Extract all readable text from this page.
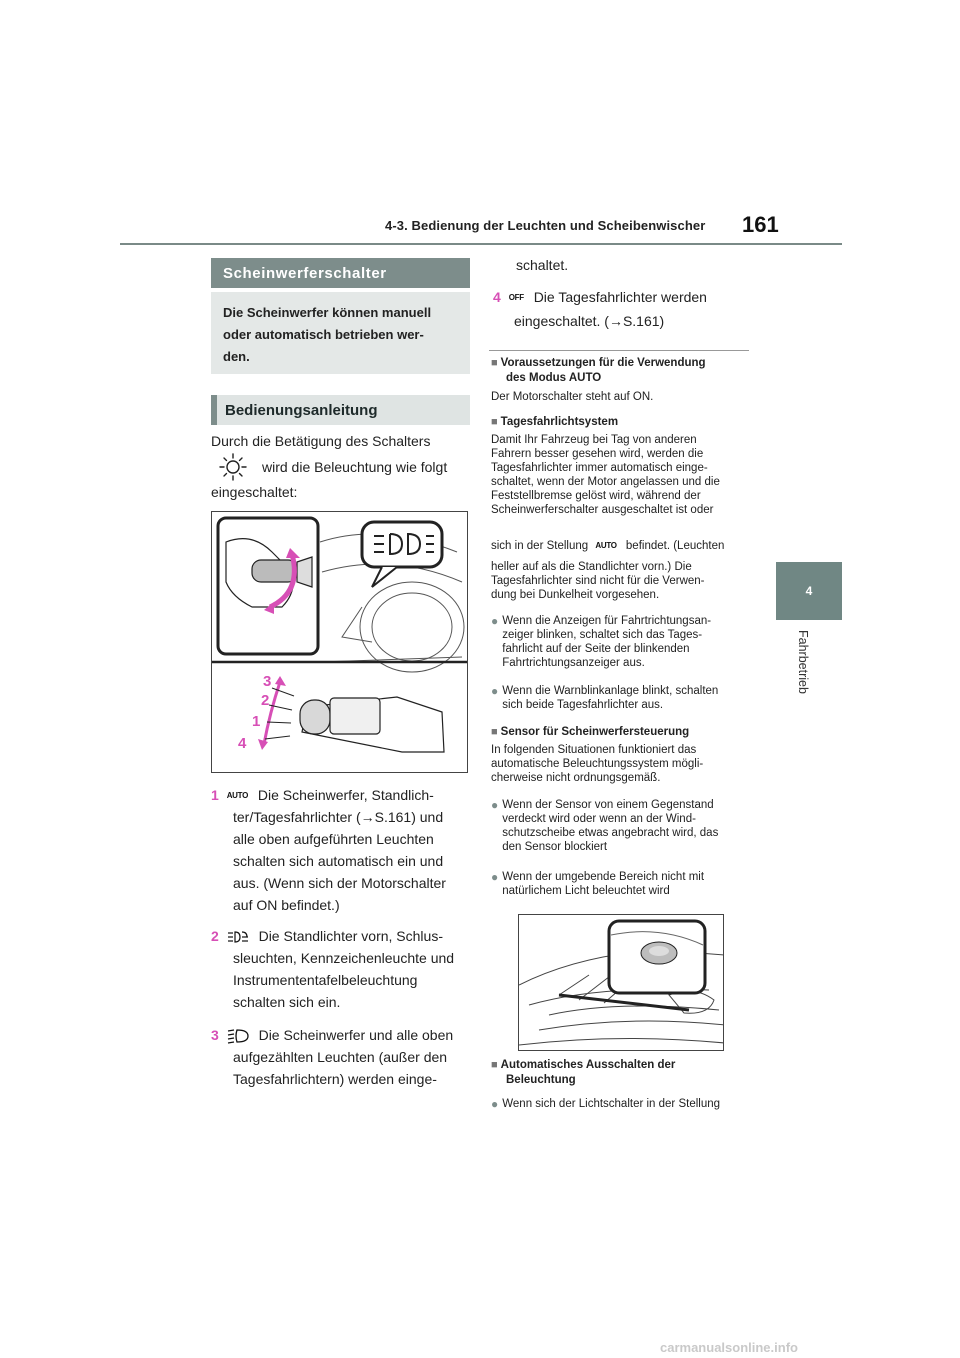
4-3. Bedienung der Leuchten und Scheibenwischer 161
4
Fahrbetrieb
Scheinwerferschalter
Die Scheinwerfer können manuell
oder automatisch betrieben wer-
den.
Bedienungsanleitung
Durch die Betätigung des Schalters
wird die Beleuchtung wie folgt
eingeschaltet:
3
2
1
4
1 AUTO Die Scheinwerfer, Standlich-
ter/Tagesfahrlichter (→S.161) und
alle oben aufgeführten Leuchten
schalten sich automatisch ein und
aus. (Wenn sich der Motorschalter
auf ON befindet.)
2	Die Standlichter vorn, Schlus-
sleuchten, Kennzeichenleuchte und
Instrumententafelbeleuchtung
schalten sich ein.
3	Die Scheinwerfer und alle oben
aufgezählten Leuchten (außer den
Tagesfahrlichtern) werden einge-
schaltet.
4 OFF Die Tagesfahrlichter werden
eingeschaltet. (→S.161)
■ Voraussetzungen für die Verwendung
des Modus AUTO
Der Motorschalter steht auf ON.
■ Tagesfahrlichtsystem
Damit Ihr Fahrzeug bei Tag von anderen
Fahrern besser gesehen wird, werden die
Tagesfahrlichter immer automatisch einge-
schaltet, wenn der Motor angelassen und die
Feststellbremse gelöst wird, während der
Scheinwerferschalter ausgeschaltet ist oder
sich in der Stellung AUTO befindet. (Leuchten
heller auf als die Standlichter vorn.) Die
Tagesfahrlichter sind nicht für die Verwen-
dung bei Dunkelheit vorgesehen.
● Wenn die Anzeigen für Fahrtrichtungsan-
zeiger blinken, schaltet sich das Tages-
fahrlicht auf der Seite der blinkenden
Fahrtrichtungsanzeiger aus.
● Wenn die Warnblinkanlage blinkt, schalten
sich beide Tagesfahrlichter aus.
■ Sensor für Scheinwerfersteuerung
In folgenden Situationen funktioniert das
automatische Beleuchtungssystem mögli-
cherweise nicht ordnungsgemäß.
● Wenn der Sensor von einem Gegenstand
verdeckt wird oder wenn an der Wind-
schutzscheibe etwas angebracht wird, das
den Sensor blockiert
● Wenn der umgebende Bereich nicht mit
natürlichem Licht beleuchtet wird
■ Automatisches Ausschalten der
Beleuchtung
● Wenn sich der Lichtschalter in der Stellung
carmanualsonline.info
